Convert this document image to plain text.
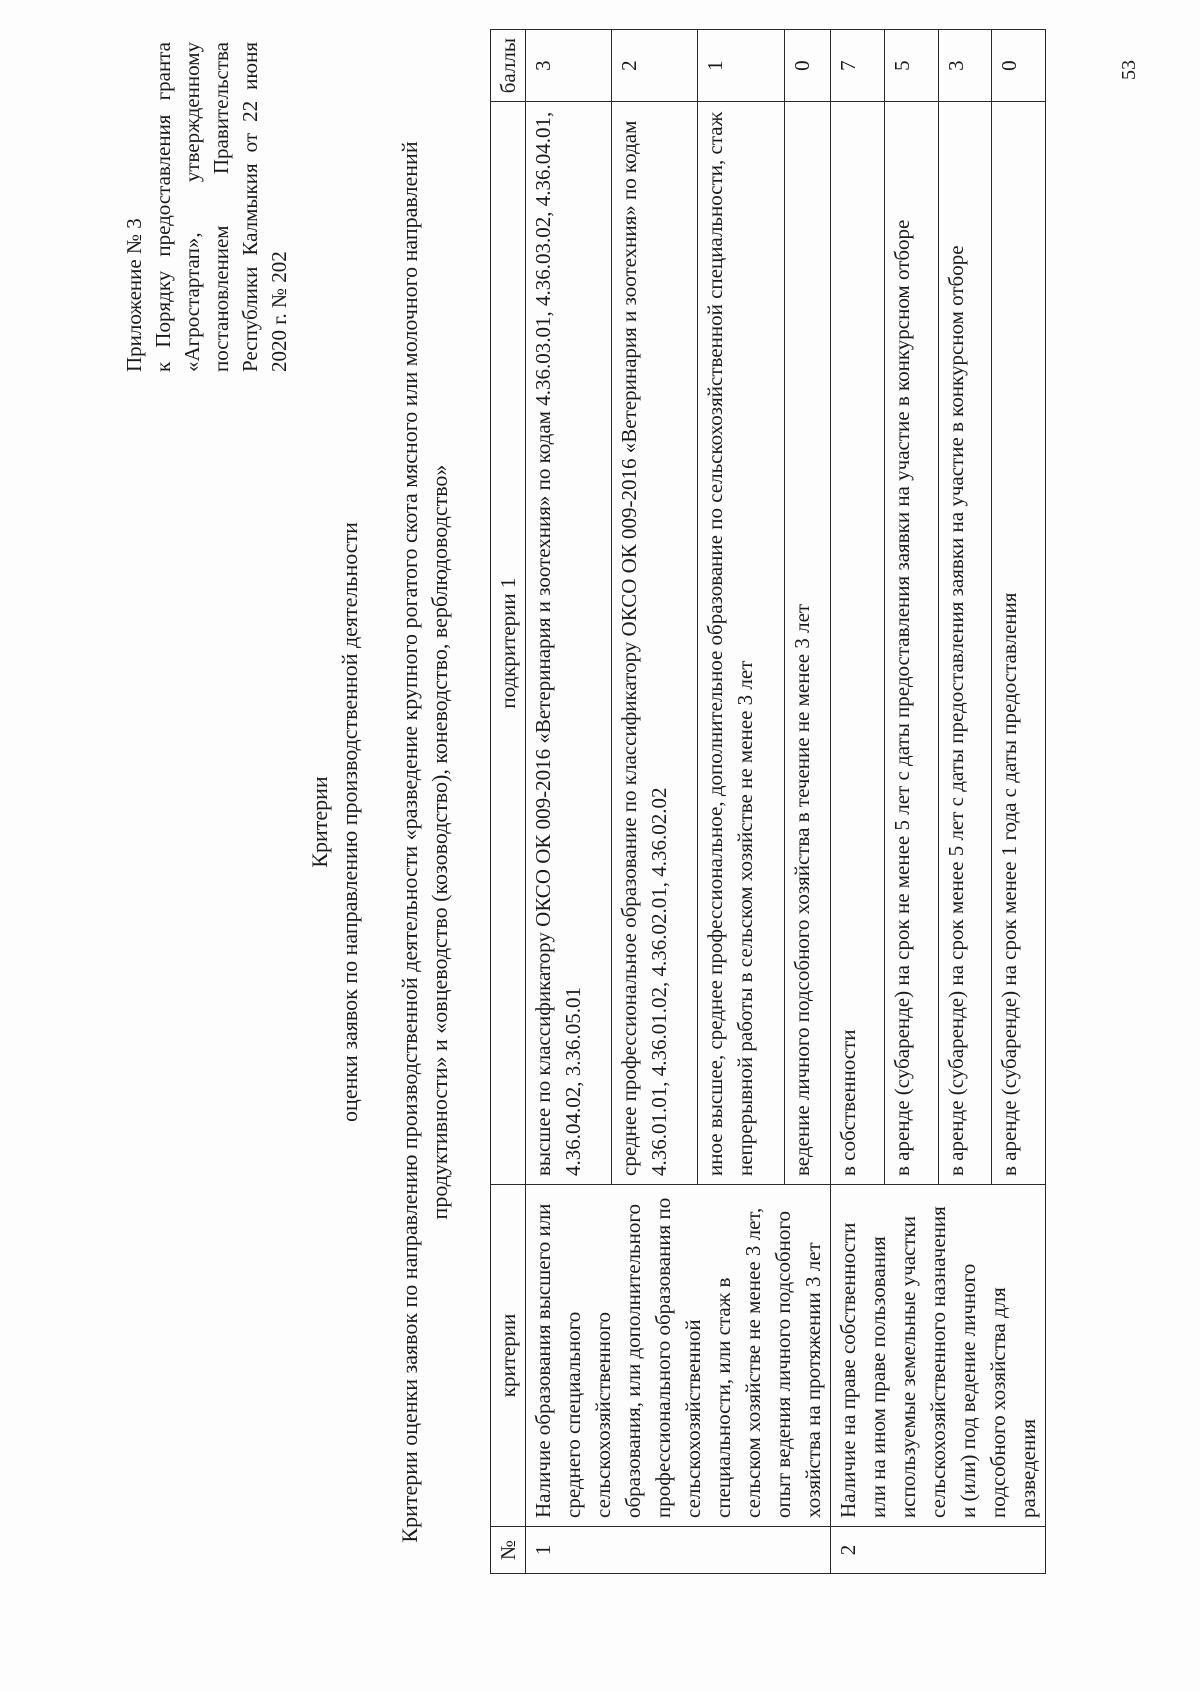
Приложение № 3 к Порядку предоставления гранта «Агростартап», утвержденному постановлением Правительства Республики Калмыкия от 22 июня 2020 г. № 202

Критерии оценки заявок по направлению производственной деятельности Критерии оценки заявок по направлению производственной деятельности «разведение крупного рогатого скота мясного или молочного направлений продуктивности» и «овцеводство (козоводство), коневодство, верблюдоводство»
№	критерии	подкритерии 1	баллы
1	Наличие образования высшего или среднего специального сельскохозяйственного образования, или дополнительного профессионального образования по сельскохозяйственной специальности, или стаж в сельском хозяйстве не менее 3 лет, опыт ведения личного подсобного хозяйства на протяжении 3 лет	высшее по классификатору ОКСО ОК 009-2016 «Ветеринария и зоотехния» по кодам 4.36.03.01, 4.36.03.02, 4.36.04.01, 4.36.04.02, 3.36.05.01	3
		среднее профессиональное образование по классификатору ОКСО ОК 009-2016 «Ветеринария и зоотехния» по кодам 4.36.01.01, 4.36.01.02, 4.36.02.01, 4.36.02.02	2
		иное высшее, среднее профессиональное, дополнительное образование по сельскохозяйственной специальности, стаж непрерывной работы в сельском хозяйстве не менее 3 лет	1
		ведение личного подсобного хозяйства в течение не менее 3 лет	0
2	Наличие на праве собственности или на ином праве пользования используемые земельные участки сельскохозяйственного назначения и (или) под ведение личного подсобного хозяйства для разведения	в собственности	7
		в аренде (субаренде) на срок не менее 5 лет с даты предоставления заявки на участие в конкурсном отборе	5
		в аренде (субаренде) на срок менее 5 лет с даты предоставления заявки на участие в конкурсном отборе	3
		в аренде (субаренде) на срок менее 1 года с даты предоставления	0	53
